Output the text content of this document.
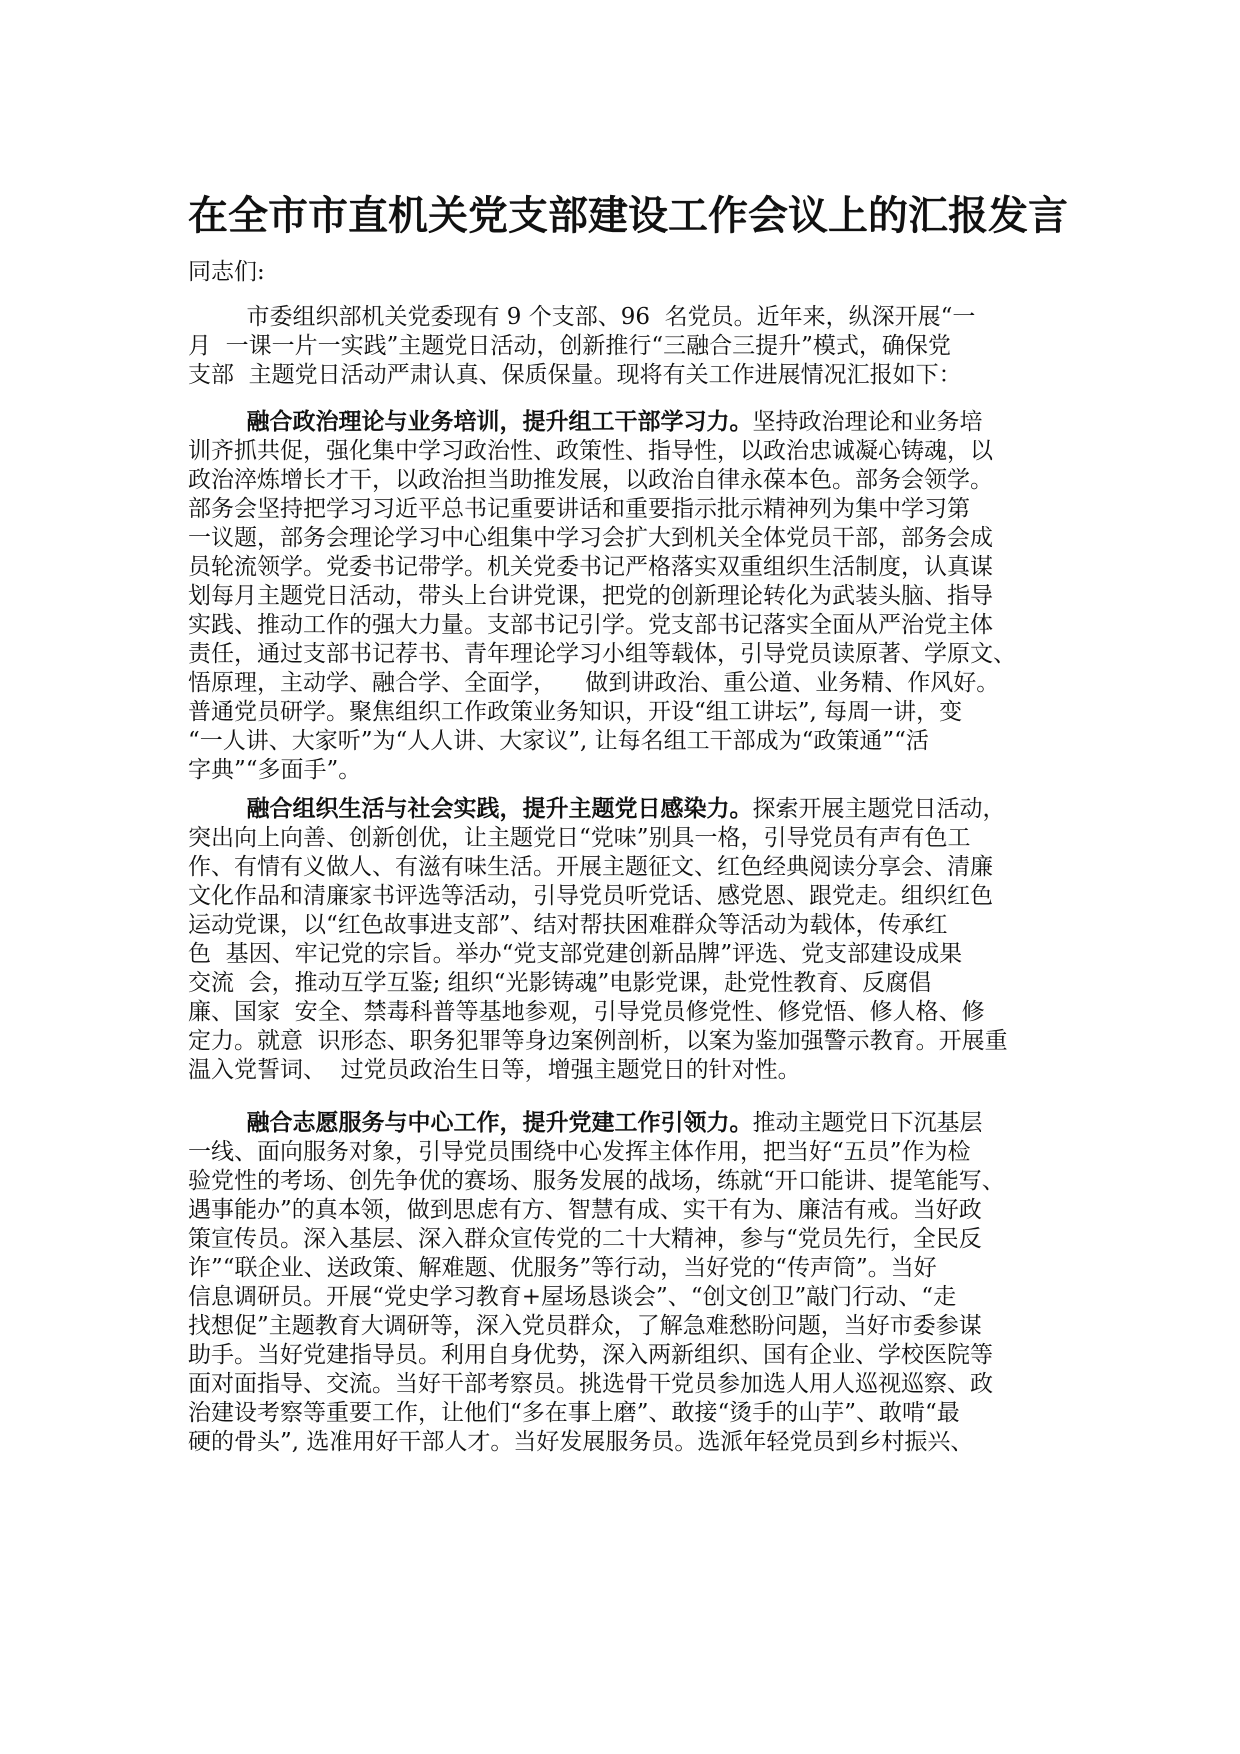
在全市市直机关党支部建设工作会议上的汇报发言

同志们:

市委组织部机关党委现有 9 个支部、96  名党员。近年来，纵深开展“一
月  一课一片一实践”主题党日活动，创新推行“三融合三提升”模式，确保党
支部  主题党日活动严肃认真、保质保量。现将有关工作进展情况汇报如下：
融合政治理论与业务培训，提升组工干部学习力。坚持政治理论和业务培
训齐抓共促，强化集中学习政治性、政策性、指导性，以政治忠诚凝心铸魂，以
政治淬炼增长才干，以政治担当助推发展，以政治自律永葆本色。部务会领学。
部务会坚持把学习习近平总书记重要讲话和重要指示批示精神列为集中学习第
一议题，部务会理论学习中心组集中学习会扩大到机关全体党员干部，部务会成
员轮流领学。党委书记带学。机关党委书记严格落实双重组织生活制度，认真谋
划每月主题党日活动，带头上台讲党课，把党的创新理论转化为武装头脑、指导
实践、推动工作的强大力量。支部书记引学。党支部书记落实全面从严治党主体
责任，通过支部书记荐书、青年理论学习小组等载体，引导党员读原著、学原文、
悟原理，主动学、融合学、全面学，    做到讲政治、重公道、业务精、作风好。
普通党员研学。聚焦组织工作政策业务知识，开设“组工讲坛”, 每周一讲，变
“一人讲、大家听”为“人人讲、大家议”, 让每名组工干部成为“政策通”“活
字典”“多面手”。
融合组织生活与社会实践，提升主题党日感染力。探索开展主题党日活动，
突出向上向善、创新创优，让主题党日“党味”别具一格，引导党员有声有色工
作、有情有义做人、有滋有味生活。开展主题征文、红色经典阅读分享会、清廉
文化作品和清廉家书评选等活动，引导党员听党话、感党恩、跟党走。组织红色
运动党课，以“红色故事进支部”、结对帮扶困难群众等活动为载体，传承红
色  基因、牢记党的宗旨。举办“党支部党建创新品牌”评选、党支部建设成果
交流  会，推动互学互鉴; 组织“光影铸魂”电影党课，赴党性教育、反腐倡
廉、国家  安全、禁毒科普等基地参观，引导党员修党性、修党悟、修人格、修
定力。就意  识形态、职务犯罪等身边案例剖析，以案为鉴加强警示教育。开展重
温入党誓词、  过党员政治生日等，增强主题党日的针对性。
融合志愿服务与中心工作，提升党建工作引领力。推动主题党日下沉基层
一线、面向服务对象，引导党员围绕中心发挥主体作用，把当好“五员”作为检
验党性的考场、创先争优的赛场、服务发展的战场，练就“开口能讲、提笔能写、
遇事能办”的真本领，做到思虑有方、智慧有成、实干有为、廉洁有戒。当好政
策宣传员。深入基层、深入群众宣传党的二十大精神，参与“党员先行，全民反
诈”“联企业、送政策、解难题、优服务”等行动，当好党的“传声筒”。当好
信息调研员。开展“党史学习教育+屋场恳谈会”、“创文创卫”敲门行动、“走
找想促”主题教育大调研等，深入党员群众，了解急难愁盼问题，当好市委参谋
助手。当好党建指导员。利用自身优势，深入两新组织、国有企业、学校医院等
面对面指导、交流。当好干部考察员。挑选骨干党员参加选人用人巡视巡察、政
治建设考察等重要工作，让他们“多在事上磨”、敢接“烫手的山芋”、敢啃“最
硬的骨头”, 选准用好干部人才。当好发展服务员。选派年轻党员到乡村振兴、
